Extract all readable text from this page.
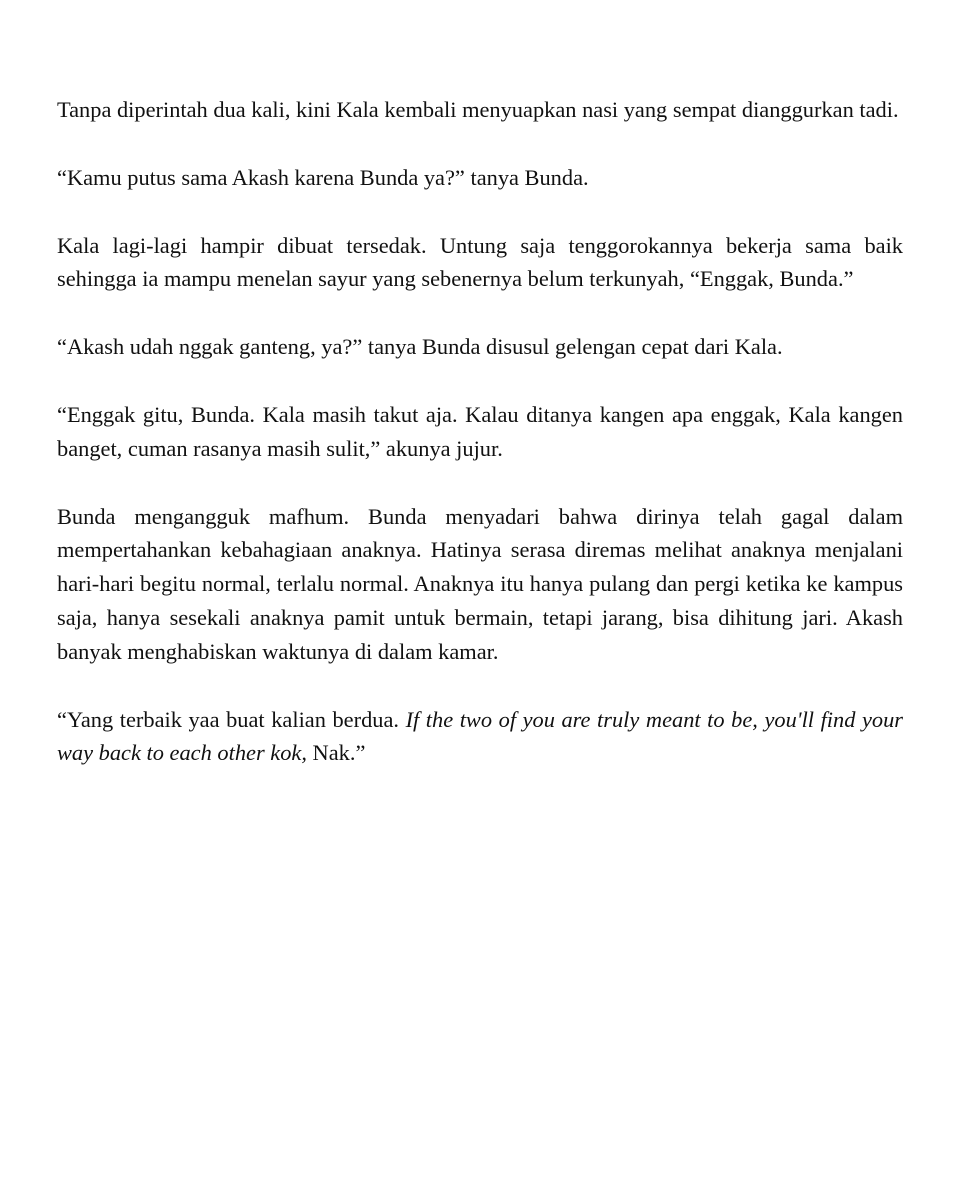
Tanpa diperintah dua kali, kini Kala kembali menyuapkan nasi yang sempat dianggurkan tadi.

“Kamu putus sama Akash karena Bunda ya?” tanya Bunda.

Kala lagi-lagi hampir dibuat tersedak. Untung saja tenggorokannya bekerja sama baik sehingga ia mampu menelan sayur yang sebenernya belum terkunyah, “Enggak, Bunda.”

“Akash udah nggak ganteng, ya?” tanya Bunda disusul gelengan cepat dari Kala.

“Enggak gitu, Bunda. Kala masih takut aja. Kalau ditanya kangen apa enggak, Kala kangen banget, cuman rasanya masih sulit,” akunya jujur.

Bunda mengangguk mafhum. Bunda menyadari bahwa dirinya telah gagal dalam mempertahankan kebahagiaan anaknya. Hatinya serasa diremas melihat anaknya menjalani hari-hari begitu normal, terlalu normal. Anaknya itu hanya pulang dan pergi ketika ke kampus saja, hanya sesekali anaknya pamit untuk bermain, tetapi jarang, bisa dihitung jari. Akash banyak menghabiskan waktunya di dalam kamar.

“Yang terbaik yaa buat kalian berdua. If the two of you are truly meant to be, you'll find your way back to each other kok, Nak.”
